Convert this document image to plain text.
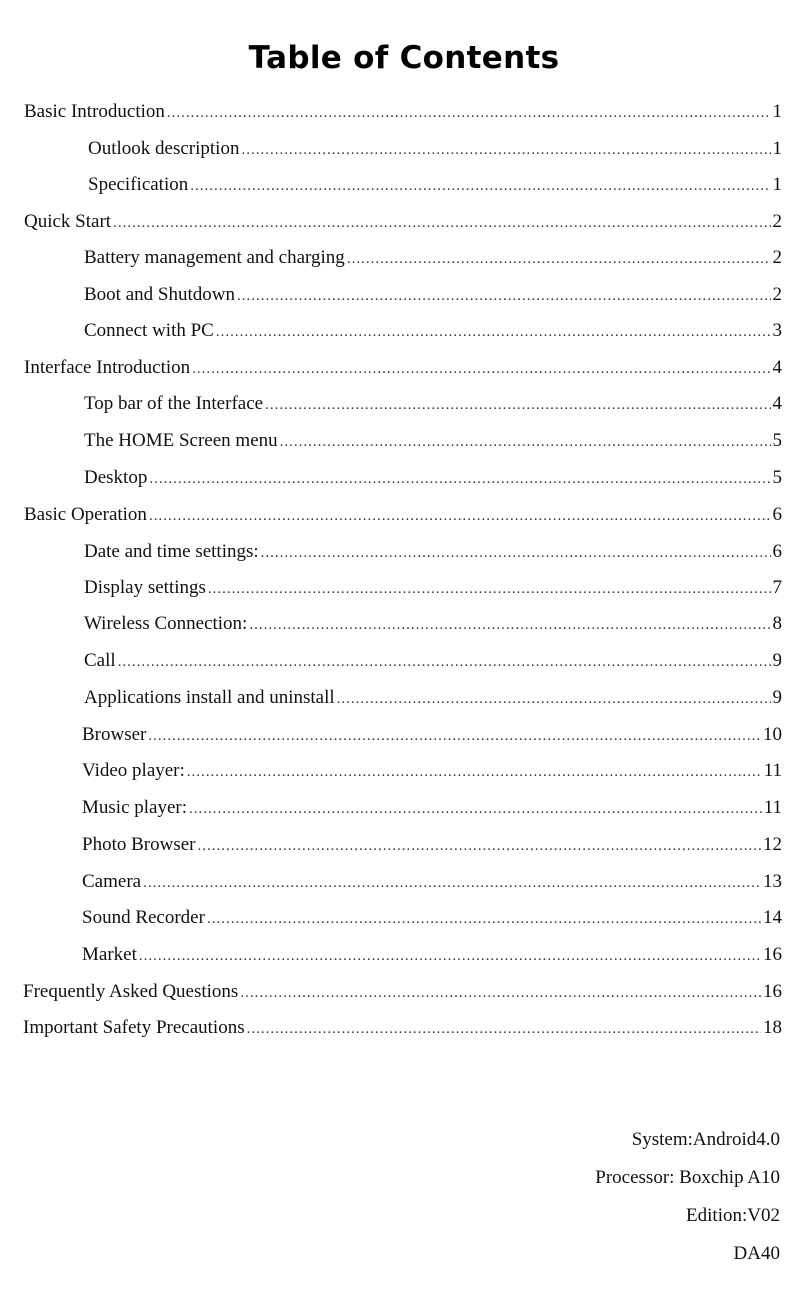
Table of Contents
Basic Introduction .....	1
Outlook description .....	1
Specification .....	1
Quick Start .....	2
Battery management and charging .....	2
Boot and Shutdown .....	2
Connect with PC .....	3
Interface Introduction .....	4
Top bar of the Interface .....	4
The HOME Screen menu .....	5
Desktop .....	5
Basic Operation .....	6
Date and time settings: .....	6
Display settings .....	7
Wireless Connection: .....	8
Call .....	9
Applications install and uninstall .....	9
Browser .....	10
Video player: .....	11
Music player: .....	11
Photo Browser .....	12
Camera .....	13
Sound Recorder .....	14
Market .....	16
Frequently Asked Questions .....	16
Important Safety Precautions .....	18
System:Android4.0
Processor: Boxchip A10
Edition:V02
DA40
